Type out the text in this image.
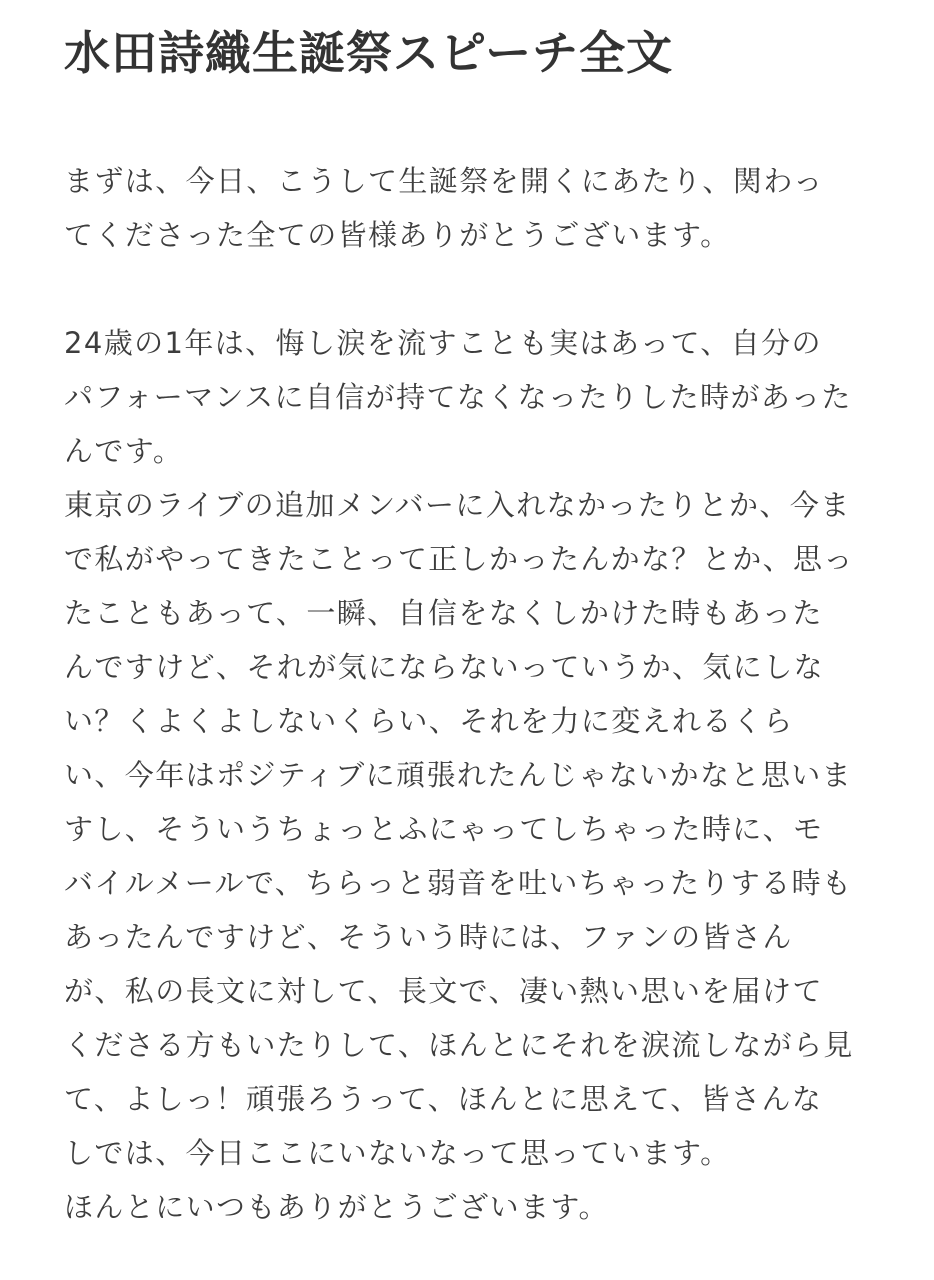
水田詩織生誕祭スピーチ全文

まずは、今日、こうして生誕祭を開くにあたり、関わっ
てくださった全ての皆様ありがとうございます。

24歳の1年は、悔し涙を流すことも実はあって、自分の
パフォーマンスに自信が持てなくなったりした時があった
んです。
東京のライブの追加メンバーに入れなかったりとか、今ま
で私がやってきたことって正しかったんかな？とか、思っ
たこともあって、一瞬、自信をなくしかけた時もあった
んですけど、それが気にならないっていうか、気にしな
い？くよくよしないくらい、それを力に変えれるくら
い、今年はポジティブに頑張れたんじゃないかなと思いま
すし、そういうちょっとふにゃってしちゃった時に、モ
バイルメールで、ちらっと弱音を吐いちゃったりする時も
あったんですけど、そういう時には、ファンの皆さん
が、私の長文に対して、長文で、凄い熱い思いを届けて
くださる方もいたりして、ほんとにそれを涙流しながら見
て、よしっ！頑張ろうって、ほんとに思えて、皆さんな
しでは、今日ここにいないなって思っています。
ほんとにいつもありがとうございます。
